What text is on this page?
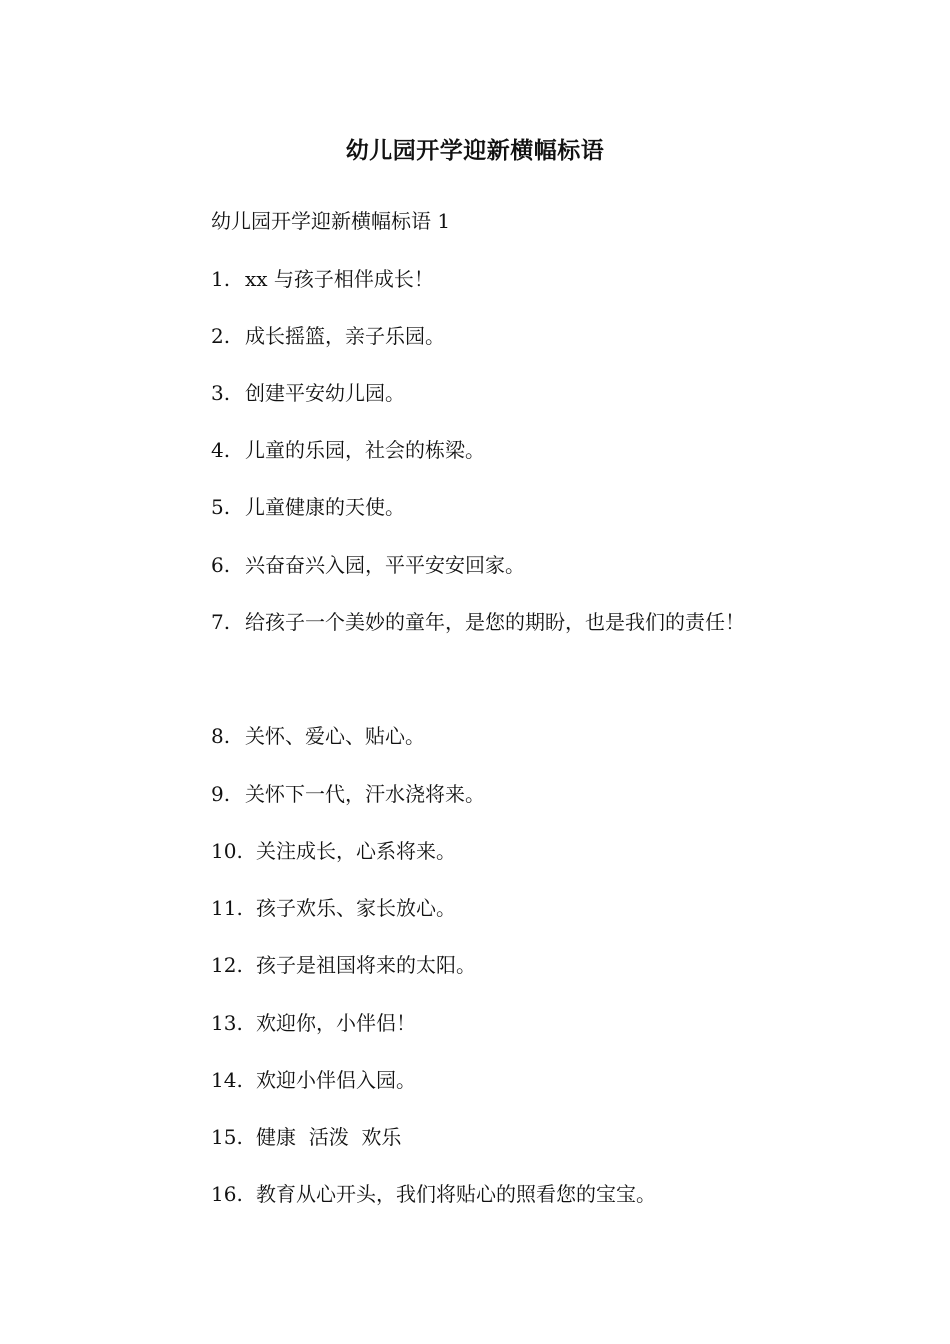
幼儿园开学迎新横幅标语
幼儿园开学迎新横幅标语 1
1. xx 与孩子相伴成长！
2. 成长摇篮，亲子乐园。
3. 创建平安幼儿园。
4. 儿童的乐园，社会的栋梁。
5. 儿童健康的天使。
6. 兴奋奋兴入园，平平安安回家。
7. 给孩子一个美妙的童年，是您的期盼，也是我们的责任！
8. 关怀、爱心、贴心。
9. 关怀下一代，汗水浇将来。
10. 关注成长，心系将来。
11. 孩子欢乐、家长放心。
12. 孩子是祖国将来的太阳。
13. 欢迎你，小伴侣！
14. 欢迎小伴侣入园。
15. 健康  活泼  欢乐
16. 教育从心开头，我们将贴心的照看您的宝宝。
